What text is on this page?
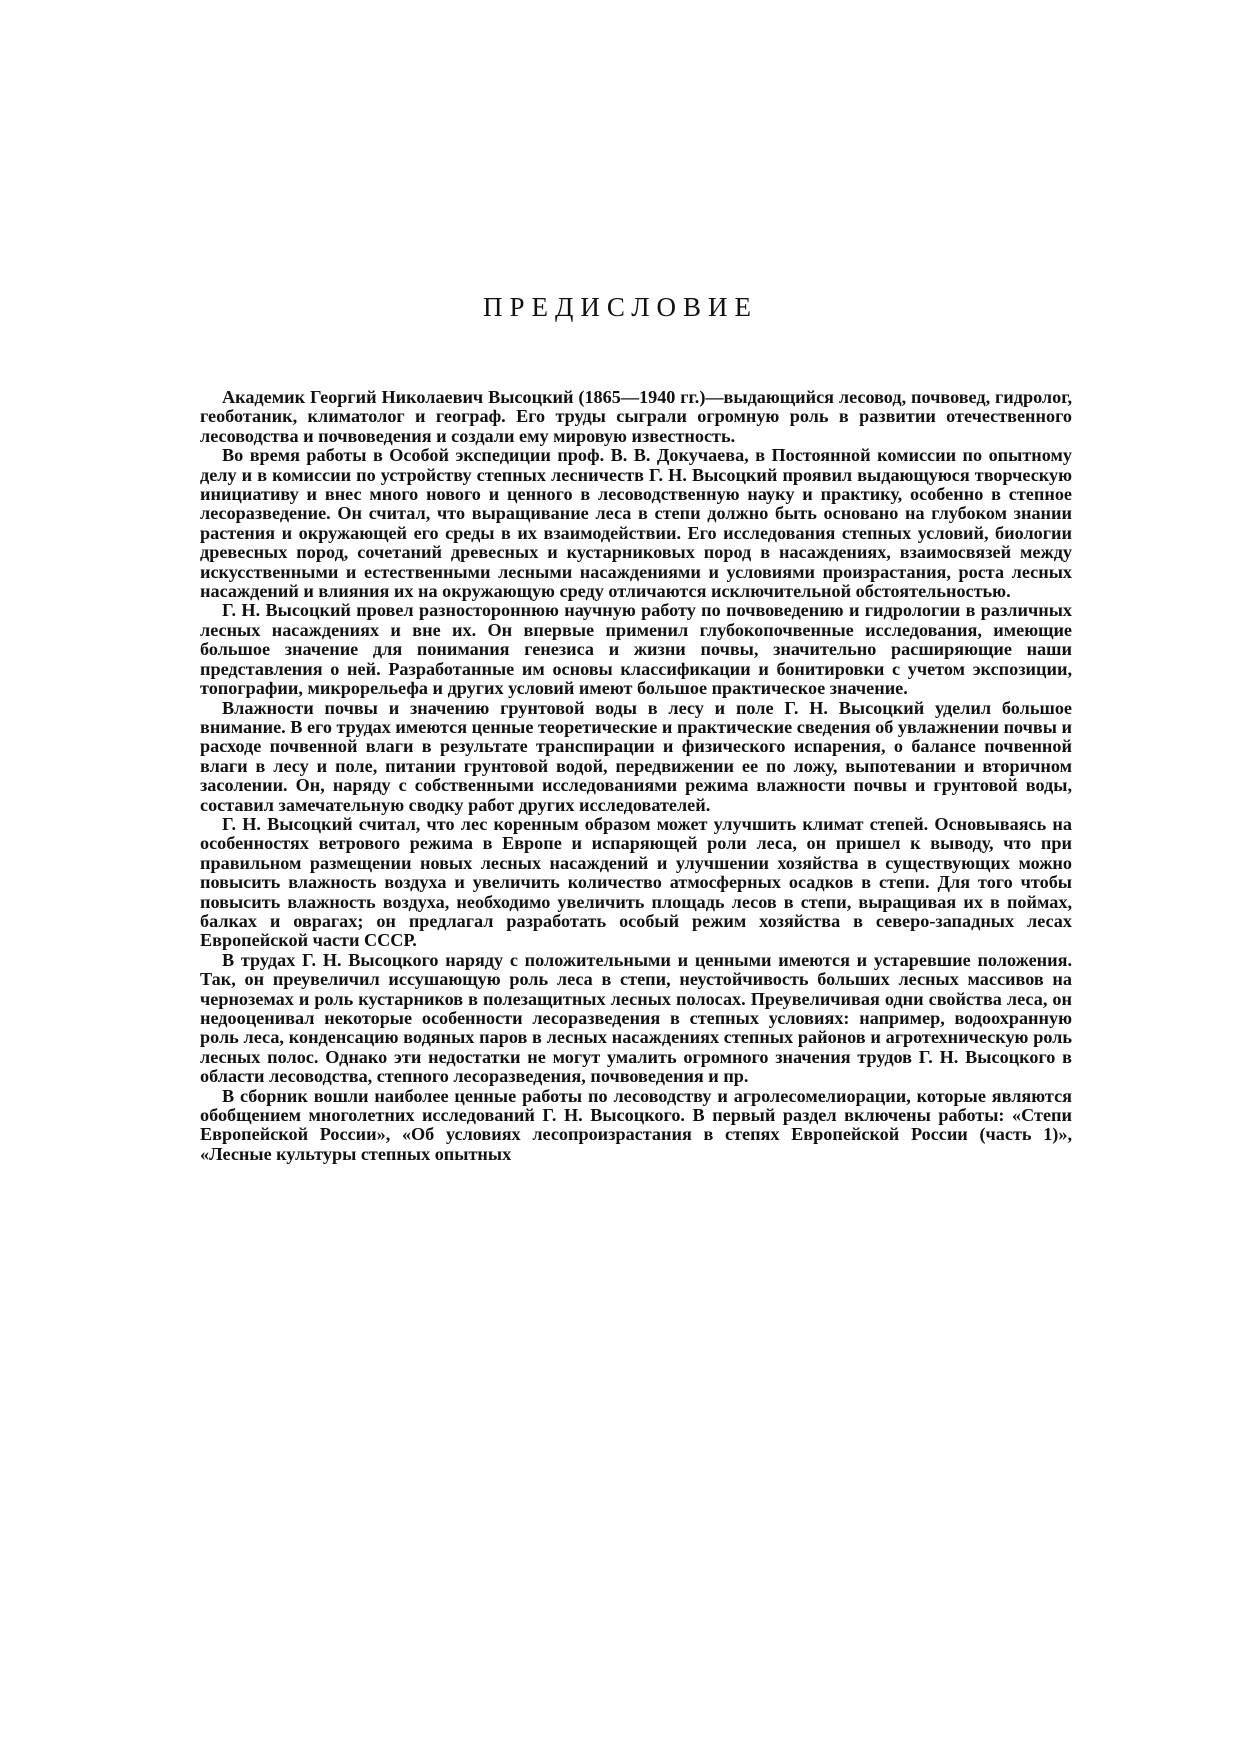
ПРЕДИСЛОВИЕ

Академик Георгий Николаевич Высоцкий (1865—1940 гг.)—выдающийся лесовод, почвовед, гидролог, геоботаник, климатолог и географ. Его труды сыграли огромную роль в развитии отечественного лесоводства и почвоведения и создали ему мировую известность.

Во время работы в Особой экспедиции проф. В. В. Докучаева, в Постоянной комиссии по опытному делу и в комиссии по устройству степных лесничеств Г. Н. Высоцкий проявил выдающуюся творческую инициативу и внес много нового и ценного в лесоводственную науку и практику, особенно в степное лесоразведение. Он считал, что выращивание леса в степи должно быть основано на глубоком знании растения и окружающей его среды в их взаимодействии. Его исследования степных условий, биологии древесных пород, сочетаний древесных и кустарниковых пород в насаждениях, взаимосвязей между искусственными и естественными лесными насаждениями и условиями произрастания, роста лесных насаждений и влияния их на окружающую среду отличаются исключительной обстоятельностью.

Г. Н. Высоцкий провел разностороннюю научную работу по почвоведению и гидрологии в различных лесных насаждениях и вне их. Он впервые применил глубокопочвенные исследования, имеющие большое значение для понимания генезиса и жизни почвы, значительно расширяющие наши представления о ней. Разработанные им основы классификации и бонитировки с учетом экспозиции, топографии, микрорельефа и других условий имеют большое практическое значение.

Влажности почвы и значению грунтовой воды в лесу и поле Г. Н. Высоцкий уделил большое внимание. В его трудах имеются ценные теоретические и практические сведения об увлажнении почвы и расходе почвенной влаги в результате транспирации и физического испарения, о балансе почвенной влаги в лесу и поле, питании грунтовой водой, передвижении ее по ложу, выпотевании и вторичном засолении. Он, наряду с собственными исследованиями режима влажности почвы и грунтовой воды, составил замечательную сводку работ других исследователей.

Г. Н. Высоцкий считал, что лес коренным образом может улучшить климат степей. Основываясь на особенностях ветрового режима в Европе и испаряющей роли леса, он пришел к выводу, что при правильном размещении новых лесных насаждений и улучшении хозяйства в существующих можно повысить влажность воздуха и увеличить количество атмосферных осадков в степи. Для того чтобы повысить влажность воздуха, необходимо увеличить площадь лесов в степи, выращивая их в поймах, балках и оврагах; он предлагал разработать особый режим хозяйства в северо-западных лесах Европейской части СССР.

В трудах Г. Н. Высоцкого наряду с положительными и ценными имеются и устаревшие положения. Так, он преувеличил иссушающую роль леса в степи, неустойчивость больших лесных массивов на черноземах и роль кустарников в полезащитных лесных полосах. Преувеличивая одни свойства леса, он недооценивал некоторые особенности лесоразведения в степных условиях: например, водоохранную роль леса, конденсацию водяных паров в лесных насаждениях степных районов и агротехническую роль лесных полос. Однако эти недостатки не могут умалить огромного значения трудов Г. Н. Высоцкого в области лесоводства, степного лесоразведения, почвоведения и пр.

В сборник вошли наиболее ценные работы по лесоводству и агролесомелиорации, которые являются обобщением многолетних исследований Г. Н. Высоцкого. В первый раздел включены работы: «Степи Европейской России», «Об условиях лесопроизрастания в степях Европейской России (часть 1)», «Лесные культуры степных опытных
